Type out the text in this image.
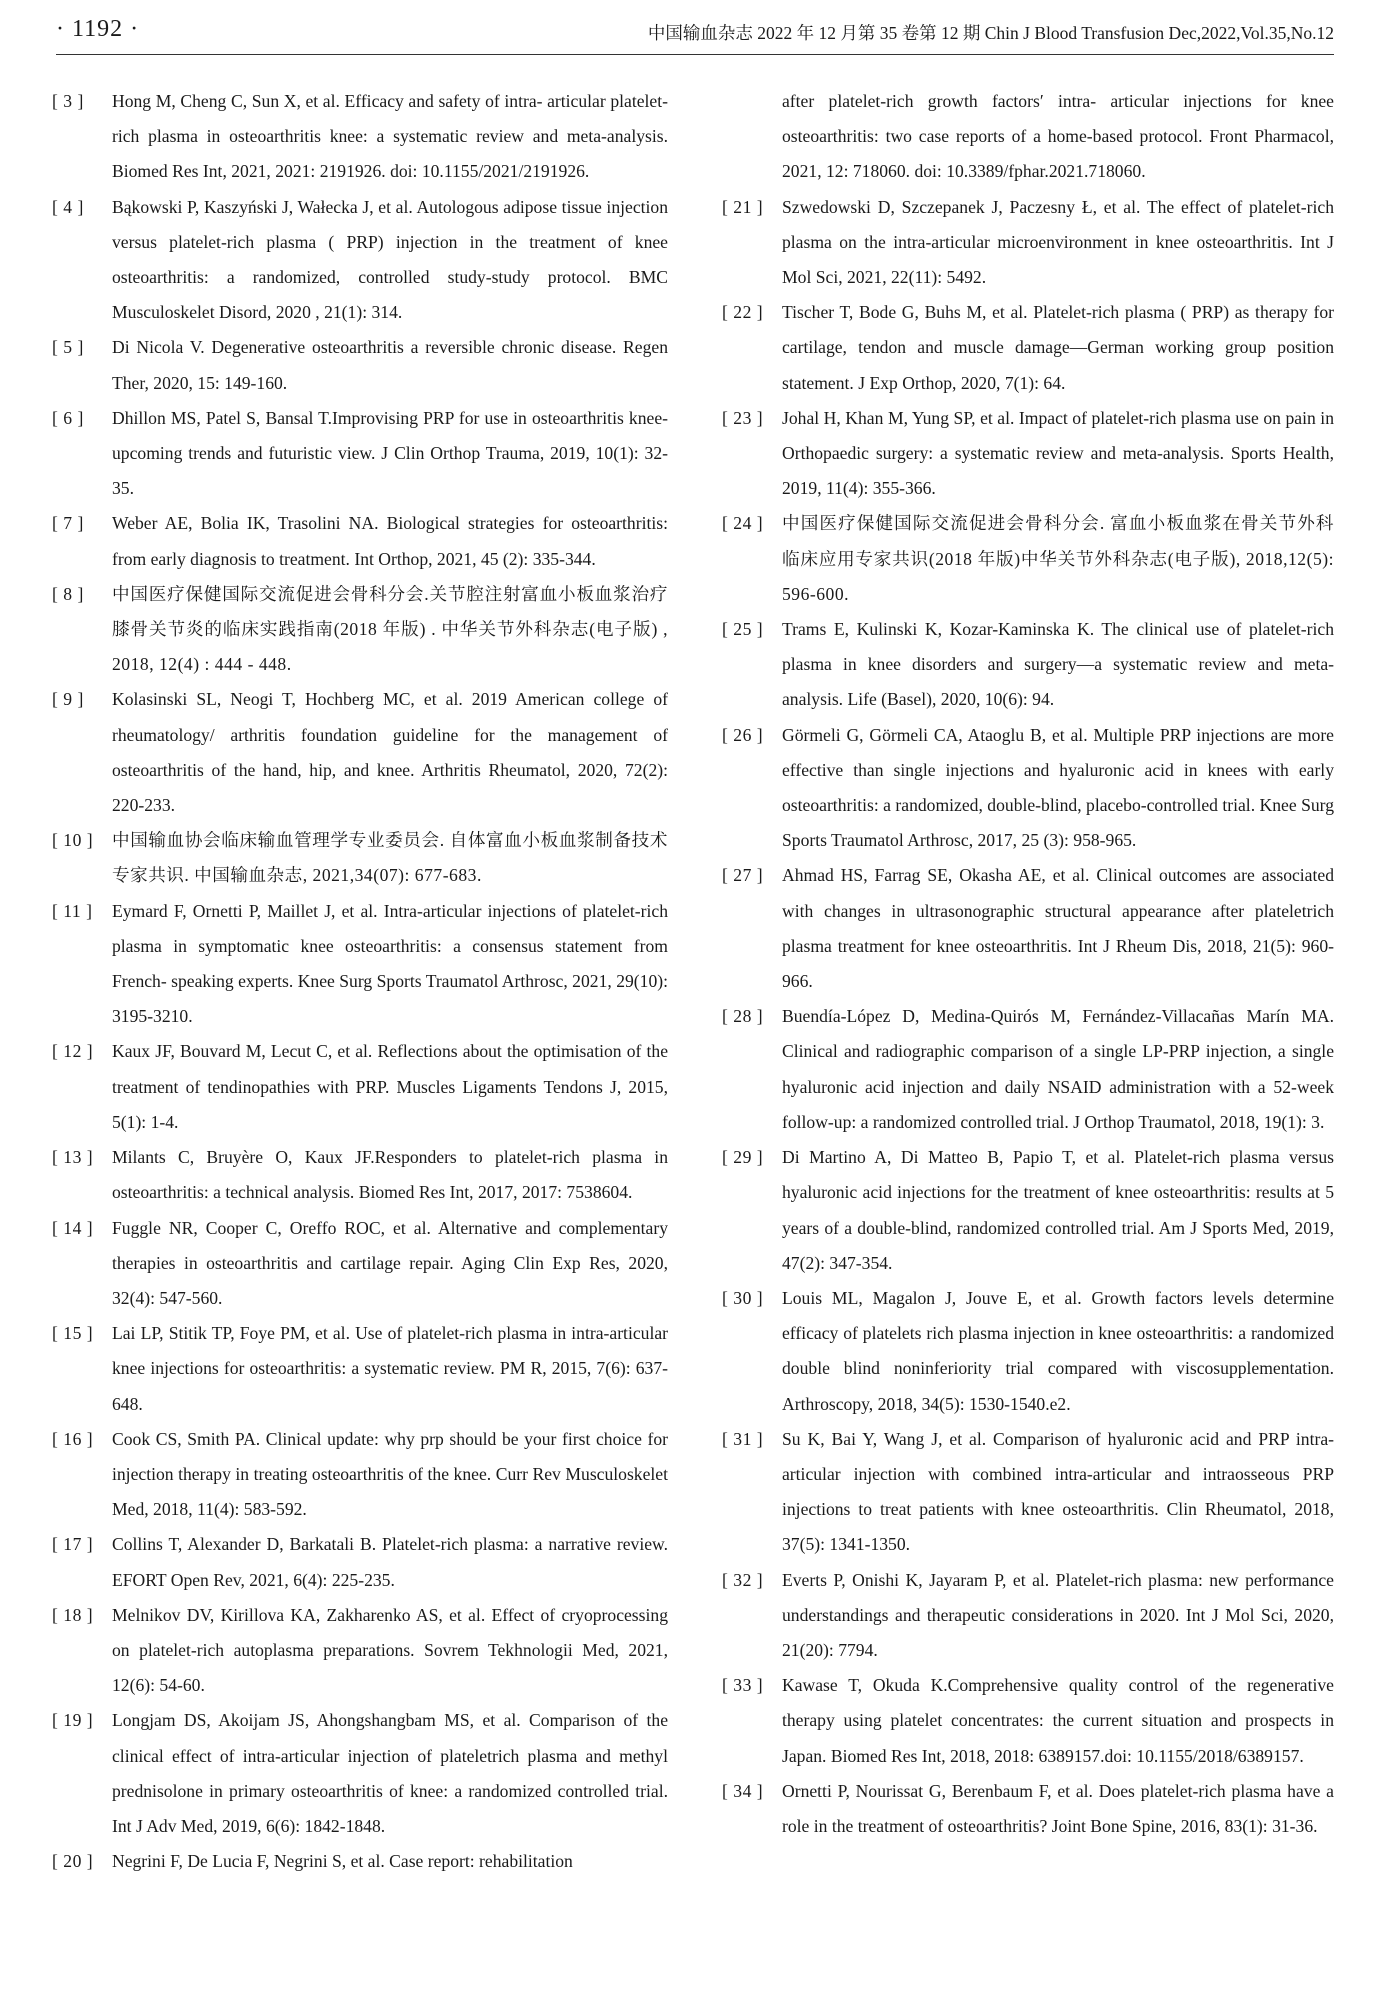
· 1192 ·	中国输血杂志 2022 年 12 月第 35 卷第 12 期 Chin J Blood Transfusion Dec,2022,Vol.35,No.12

[ 3 ]	Hong M, Cheng C, Sun X, et al. Efficacy and safety of intra- articular platelet-rich plasma in osteoarthritis knee: a systematic review and meta-analysis. Biomed Res Int, 2021, 2021: 2191926. doi: 10.1155/2021/2191926.

[ 4 ]	Bąkowski P, Kaszyński J, Wałecka J, et al. Autologous adipose tissue injection versus platelet-rich plasma ( PRP) injection in the treatment of knee osteoarthritis: a randomized, controlled study-study protocol. BMC Musculoskelet Disord, 2020 , 21(1): 314.

[ 5 ]	Di Nicola V. Degenerative osteoarthritis a reversible chronic disease. Regen Ther, 2020, 15: 149-160.

[ 6 ]	Dhillon MS, Patel S, Bansal T.Improvising PRP for use in osteoarthritis knee- upcoming trends and futuristic view. J Clin Orthop Trauma, 2019, 10(1): 32-35.

[ 7 ]	Weber AE, Bolia IK, Trasolini NA. Biological strategies for osteoarthritis: from early diagnosis to treatment. Int Orthop, 2021, 45 (2): 335-344.

[ 8 ]	中国医疗保健国际交流促进会骨科分会.关节腔注射富血小板血浆治疗膝骨关节炎的临床实践指南(2018 年版) . 中华关节外科杂志(电子版) , 2018, 12(4) : 444 - 448.

[ 9 ]	Kolasinski SL, Neogi T, Hochberg MC, et al. 2019 American college of rheumatology/ arthritis foundation guideline for the management of osteoarthritis of the hand, hip, and knee. Arthritis Rheumatol, 2020, 72(2): 220-233.

[ 10 ]	中国输血协会临床输血管理学专业委员会. 自体富血小板血浆制备技术专家共识. 中国输血杂志, 2021,34(07): 677-683.

[ 11 ]	Eymard F, Ornetti P, Maillet J, et al. Intra-articular injections of platelet-rich plasma in symptomatic knee osteoarthritis: a consensus statement from French- speaking experts. Knee Surg Sports Traumatol Arthrosc, 2021, 29(10): 3195-3210.

[ 12 ]	Kaux JF, Bouvard M, Lecut C, et al. Reflections about the optimisation of the treatment of tendinopathies with PRP. Muscles Ligaments Tendons J, 2015, 5(1): 1-4.

[ 13 ]	Milants C, Bruyère O, Kaux JF.Responders to platelet-rich plasma in osteoarthritis: a technical analysis. Biomed Res Int, 2017, 2017: 7538604.

[ 14 ]	Fuggle NR, Cooper C, Oreffo ROC, et al. Alternative and complementary therapies in osteoarthritis and cartilage repair. Aging Clin Exp Res, 2020, 32(4): 547-560.

[ 15 ]	Lai LP, Stitik TP, Foye PM, et al. Use of platelet-rich plasma in intra-articular knee injections for osteoarthritis: a systematic review. PM R, 2015, 7(6): 637-648.

[ 16 ]	Cook CS, Smith PA. Clinical update: why prp should be your first choice for injection therapy in treating osteoarthritis of the knee. Curr Rev Musculoskelet Med, 2018, 11(4): 583-592.

[ 17 ]	Collins T, Alexander D, Barkatali B. Platelet-rich plasma: a narrative review. EFORT Open Rev, 2021, 6(4): 225-235.

[ 18 ]	Melnikov DV, Kirillova KA, Zakharenko AS, et al. Effect of cryoprocessing on platelet-rich autoplasma preparations. Sovrem Tekhnologii Med, 2021, 12(6): 54-60.

[ 19 ]	Longjam DS, Akoijam JS, Ahongshangbam MS, et al. Comparison of the clinical effect of intra-articular injection of plateletrich plasma and methyl prednisolone in primary osteoarthritis of knee: a randomized controlled trial. Int J Adv Med, 2019, 6(6): 1842-1848.

[ 20 ]	Negrini F, De Lucia F, Negrini S, et al. Case report: rehabilitation

after platelet-rich growth factors′ intra- articular injections for knee osteoarthritis: two case reports of a home-based protocol. Front Pharmacol, 2021, 12: 718060. doi: 10.3389/fphar.2021.718060.

[ 21 ]	Szwedowski D, Szczepanek J, Paczesny Ł, et al. The effect of platelet-rich plasma on the intra-articular microenvironment in knee osteoarthritis. Int J Mol Sci, 2021, 22(11): 5492.

[ 22 ]	Tischer T, Bode G, Buhs M, et al. Platelet-rich plasma ( PRP) as therapy for cartilage, tendon and muscle damage—German working group position statement. J Exp Orthop, 2020, 7(1): 64.

[ 23 ]	Johal H, Khan M, Yung SP, et al. Impact of platelet-rich plasma use on pain in Orthopaedic surgery: a systematic review and meta-analysis. Sports Health, 2019, 11(4): 355-366.

[ 24 ]	中国医疗保健国际交流促进会骨科分会. 富血小板血浆在骨关节外科临床应用专家共识(2018 年版)中华关节外科杂志(电子版), 2018,12(5): 596-600.

[ 25 ]	Trams E, Kulinski K, Kozar-Kaminska K. The clinical use of platelet-rich plasma in knee disorders and surgery—a systematic review and meta-analysis. Life (Basel), 2020, 10(6): 94.

[ 26 ]	Görmeli G, Görmeli CA, Ataoglu B, et al. Multiple PRP injections are more effective than single injections and hyaluronic acid in knees with early osteoarthritis: a randomized, double-blind, placebo-controlled trial. Knee Surg Sports Traumatol Arthrosc, 2017, 25 (3): 958-965.

[ 27 ]	Ahmad HS, Farrag SE, Okasha AE, et al. Clinical outcomes are associated with changes in ultrasonographic structural appearance after plateletrich plasma treatment for knee osteoarthritis. Int J Rheum Dis, 2018, 21(5): 960-966.

[ 28 ]	Buendía-López D, Medina-Quirós M, Fernández-Villacañas Marín MA. Clinical and radiographic comparison of a single LP-PRP injection, a single hyaluronic acid injection and daily NSAID administration with a 52-week follow-up: a randomized controlled trial. J Orthop Traumatol, 2018, 19(1): 3.

[ 29 ]	Di Martino A, Di Matteo B, Papio T, et al. Platelet-rich plasma versus hyaluronic acid injections for the treatment of knee osteoarthritis: results at 5 years of a double-blind, randomized controlled trial. Am J Sports Med, 2019, 47(2): 347-354.

[ 30 ]	Louis ML, Magalon J, Jouve E, et al. Growth factors levels determine efficacy of platelets rich plasma injection in knee osteoarthritis: a randomized double blind noninferiority trial compared with viscosupplementation. Arthroscopy, 2018, 34(5): 1530-1540.e2.

[ 31 ]	Su K, Bai Y, Wang J, et al. Comparison of hyaluronic acid and PRP intra-articular injection with combined intra-articular and intraosseous PRP injections to treat patients with knee osteoarthritis. Clin Rheumatol, 2018, 37(5): 1341-1350.

[ 32 ]	Everts P, Onishi K, Jayaram P, et al. Platelet-rich plasma: new performance understandings and therapeutic considerations in 2020. Int J Mol Sci, 2020, 21(20): 7794.

[ 33 ]	Kawase T, Okuda K.Comprehensive quality control of the regenerative therapy using platelet concentrates: the current situation and prospects in Japan. Biomed Res Int, 2018, 2018: 6389157.doi: 10.1155/2018/6389157.

[ 34 ]	Ornetti P, Nourissat G, Berenbaum F, et al. Does platelet-rich plasma have a role in the treatment of osteoarthritis? Joint Bone Spine, 2016, 83(1): 31-36.
